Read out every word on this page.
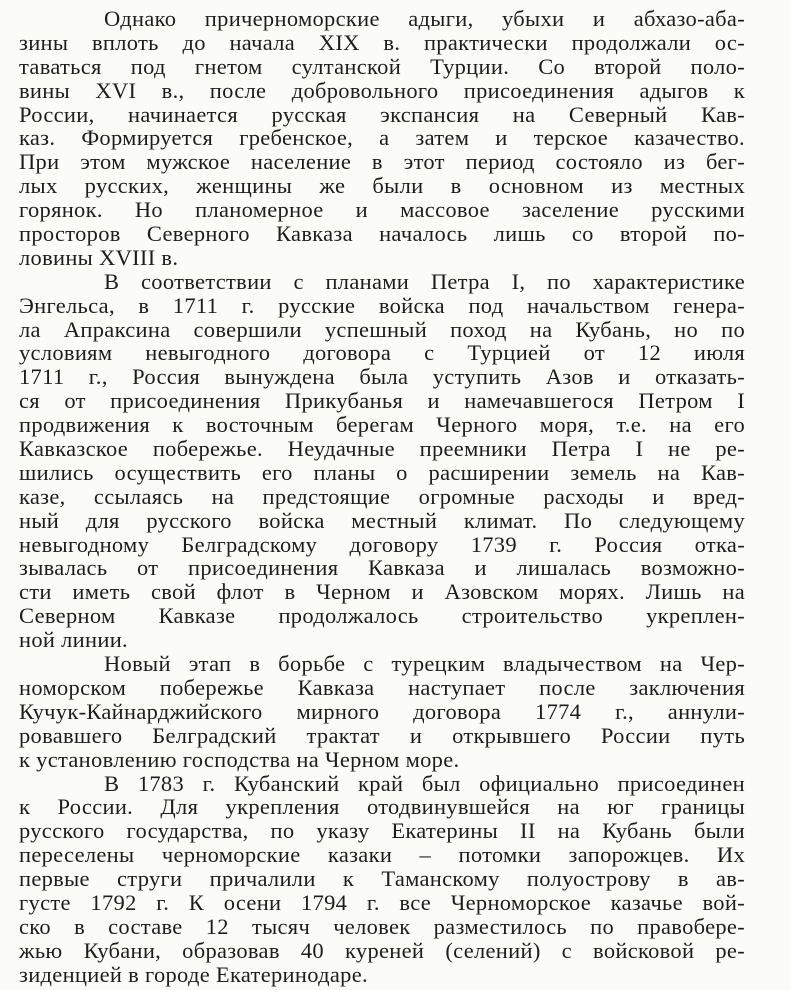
Однако причерноморские адыги, убыхи и абхазо-аба-
зины вплоть до начала XIX в. практически продолжали ос-
таваться под гнетом султанской Турции. Со второй поло-
вины XVI в., после добровольного присоединения адыгов к
России, начинается русская экспансия на Северный Кав-
каз. Формируется гребенское, а затем и терское казачество.
При этом мужское население в этот период состояло из бег-
лых русских, женщины же были в основном из местных
горянок. Но планомерное и массовое заселение русскими
просторов Северного Кавказа началось лишь со второй по-
ловины XVIII в.
В соответствии с планами Петра I, по характеристике
Энгельса, в 1711 г. русские войска под начальством генера-
ла Апраксина совершили успешный поход на Кубань, но по
условиям невыгодного договора с Турцией от 12 июля
1711 г., Россия вынуждена была уступить Азов и отказать-
ся от присоединения Прикубанья и намечавшегося Петром I
продвижения к восточным берегам Черного моря, т.е. на его
Кавказское побережье. Неудачные преемники Петра I не ре-
шились осуществить его планы о расширении земель на Кав-
казе, ссылаясь на предстоящие огромные расходы и вред-
ный для русского войска местный климат. По следующему
невыгодному Белградскому договору 1739 г. Россия отка-
зывалась от присоединения Кавказа и лишалась возможно-
сти иметь свой флот в Черном и Азовском морях. Лишь на
Северном Кавказе продолжалось строительство укреплен-
ной линии.
Новый этап в борьбе с турецким владычеством на Чер-
номорском побережье Кавказа наступает после заключения
Кучук-Кайнарджийского мирного договора 1774 г., аннули-
ровавшего Белградский трактат и открывшего России путь
к установлению господства на Черном море.
В 1783 г. Кубанский край был официально присоединен
к России. Для укрепления отодвинувшейся на юг границы
русского государства, по указу Екатерины II на Кубань были
переселены черноморские казаки – потомки запорожцев. Их
первые струги причалили к Таманскому полуострову в ав-
густе 1792 г. К осени 1794 г. все Черноморское казачье вой-
ско в составе 12 тысяч человек разместилось по правобере-
жью Кубани, образовав 40 куреней (селений) с войсковой ре-
зиденцией в городе Екатеринодаре.
